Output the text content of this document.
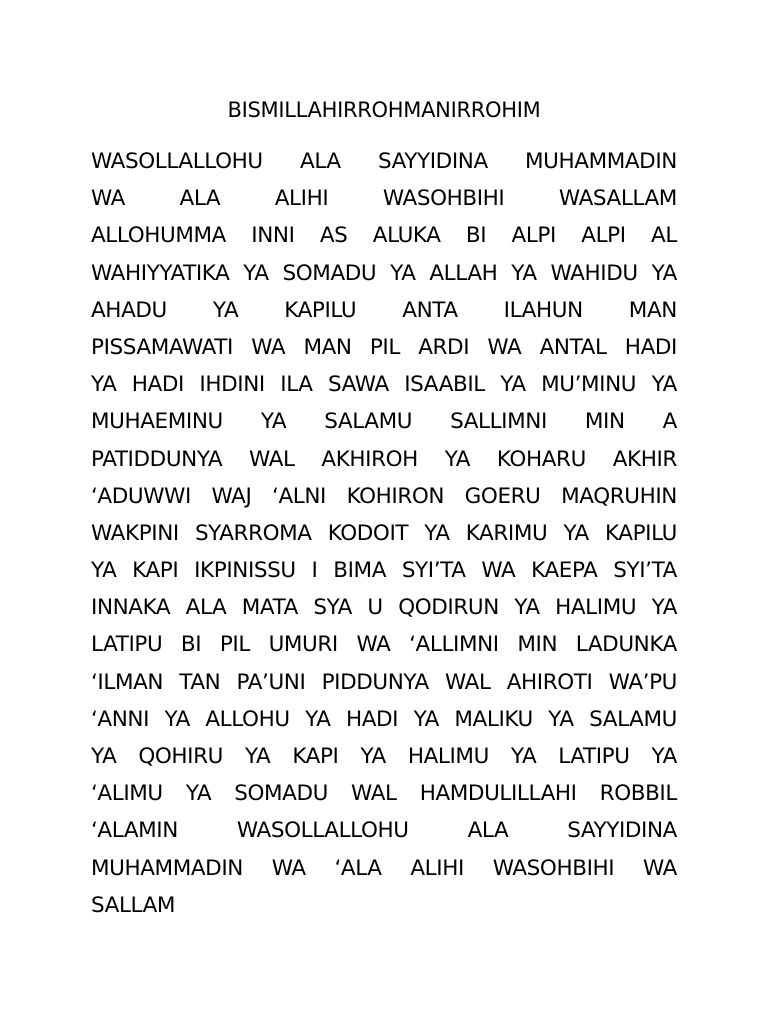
BISMILLAHIRROHMANIRROHIM
WASOLLALLOHU ALA SAYYIDINA MUHAMMADIN
WA	ALA	ALIHI	WASOHBIHI	WASALLAM
ALLOHUMMA INNI AS ALUKA BI ALPI ALPI AL
WAHIYYATIKA YA SOMADU YA ALLAH YA WAHIDU YA
AHADU YA KAPILU ANTA ILAHUN MAN
PISSAMAWATI WA MAN PIL ARDI WA ANTAL HADI
YA HADI IHDINI ILA SAWA ISAABIL YA MU’MINU YA
MUHAEMINU YA SALAMU SALLIMNI MIN A
PATIDDUNYA WAL AKHIROH YA KOHARU AKHIR
‘ADUWWI WAJ ‘ALNI KOHIRON GOERU MAQRUHIN
WAKPINI SYARROMA KODOIT YA KARIMU YA KAPILU
YA KAPI IKPINISSU I BIMA SYI’TA WA KAEPA SYI’TA
INNAKA ALA MATA SYA U QODIRUN YA HALIMU YA
LATIPU BI PIL UMURI WA ‘ALLIMNI MIN LADUNKA
‘ILMAN TAN PA’UNI PIDDUNYA WAL AHIROTI WA’PU
‘ANNI YA ALLOHU YA HADI YA MALIKU YA SALAMU
YA QOHIRU YA KAPI YA HALIMU YA LATIPU YA
‘ALIMU YA SOMADU WAL HAMDULILLAHI ROBBIL
‘ALAMIN	WASOLLALLOHU	ALA	SAYYIDINA
MUHAMMADIN WA ‘ALA ALIHI WASOHBIHI WA
SALLAM
